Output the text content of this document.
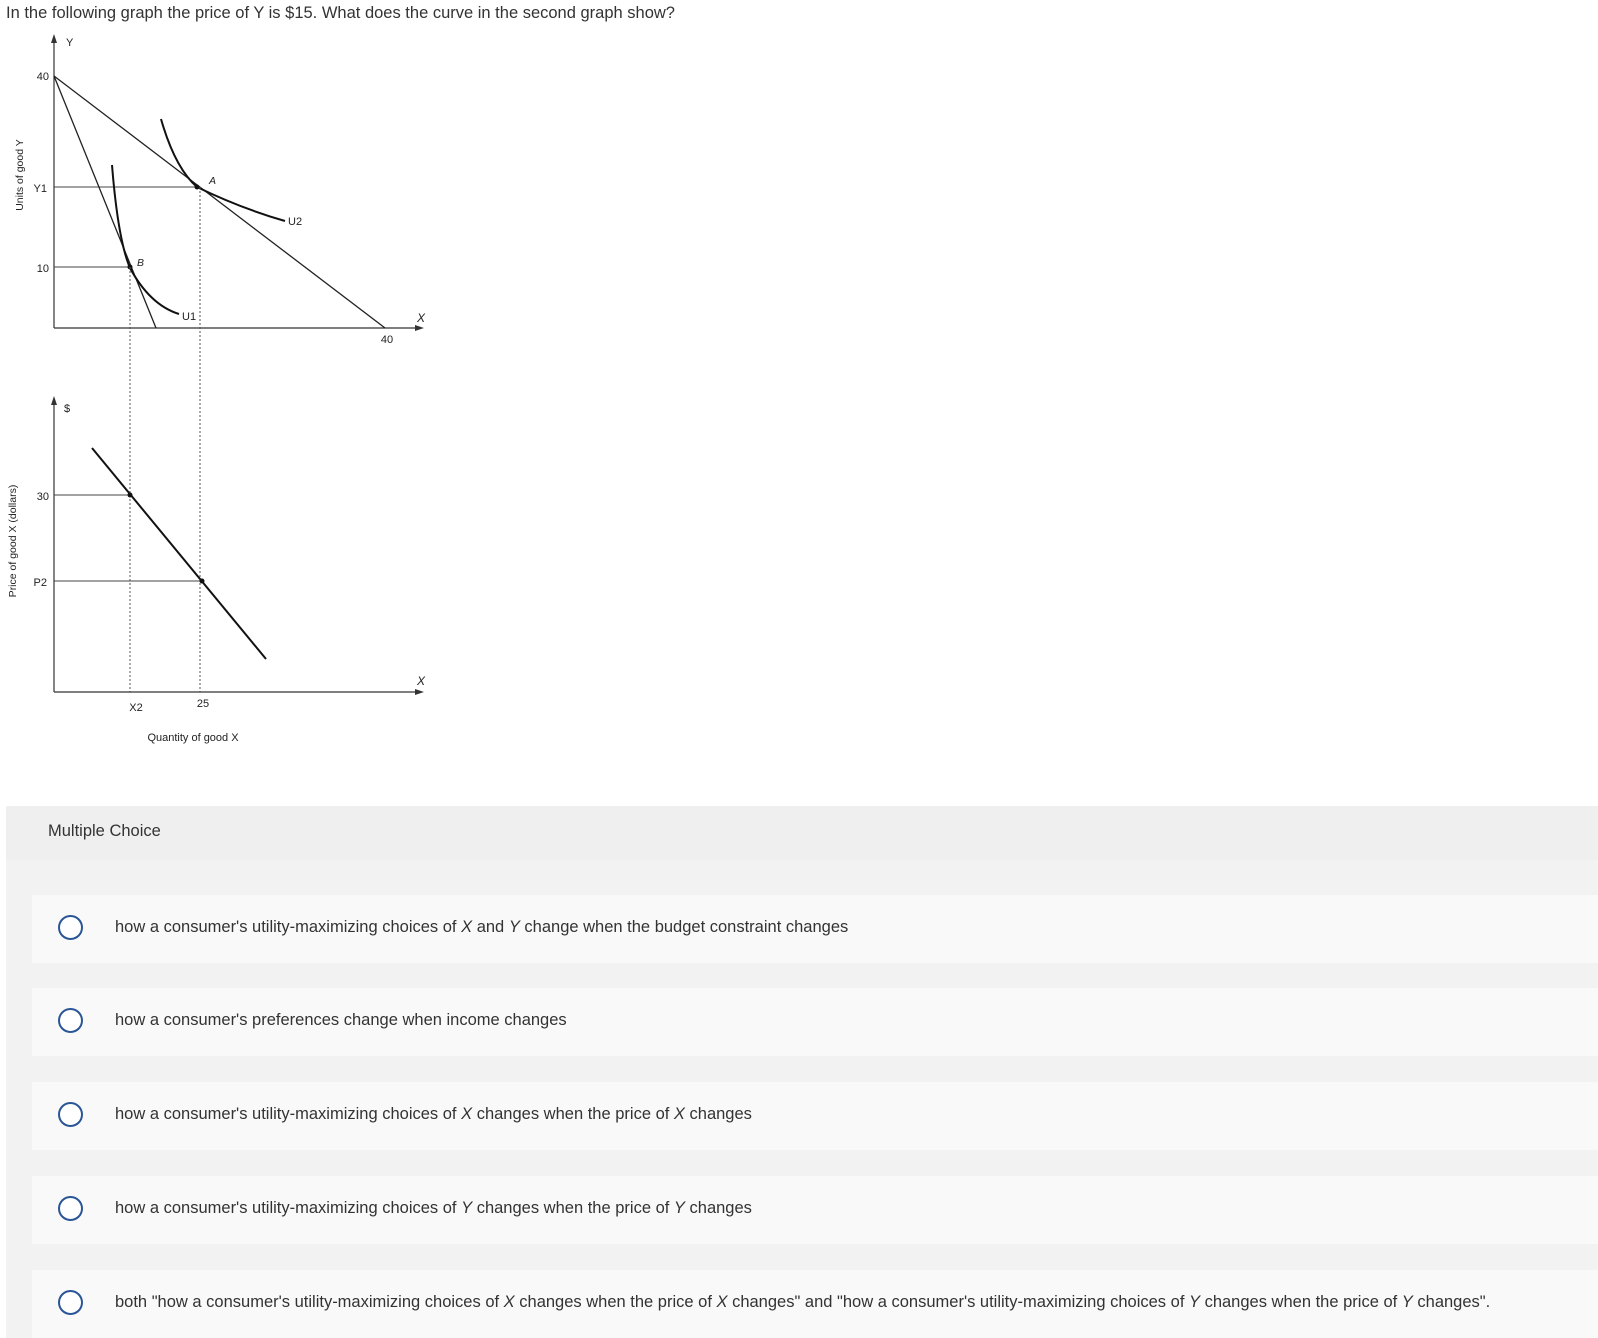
In the following graph the price of Y is $15. What does the curve in the second graph show?
Units of good Y
Y
X
40
Y1
10
40
A
B
U2
U1
Price of good X (dollars)
$
X
30
P2
X2	25
Quantity of good X
Multiple Choice
how a consumer's utility-maximizing choices of X and Y change when the budget constraint changes
how a consumer's preferences change when income changes
how a consumer's utility-maximizing choices of X changes when the price of X changes
how a consumer's utility-maximizing choices of Y changes when the price of Y changes
both "how a consumer's utility-maximizing choices of X changes when the price of X changes" and "how a consumer's utility-maximizing choices of Y changes when the price of Y changes".
